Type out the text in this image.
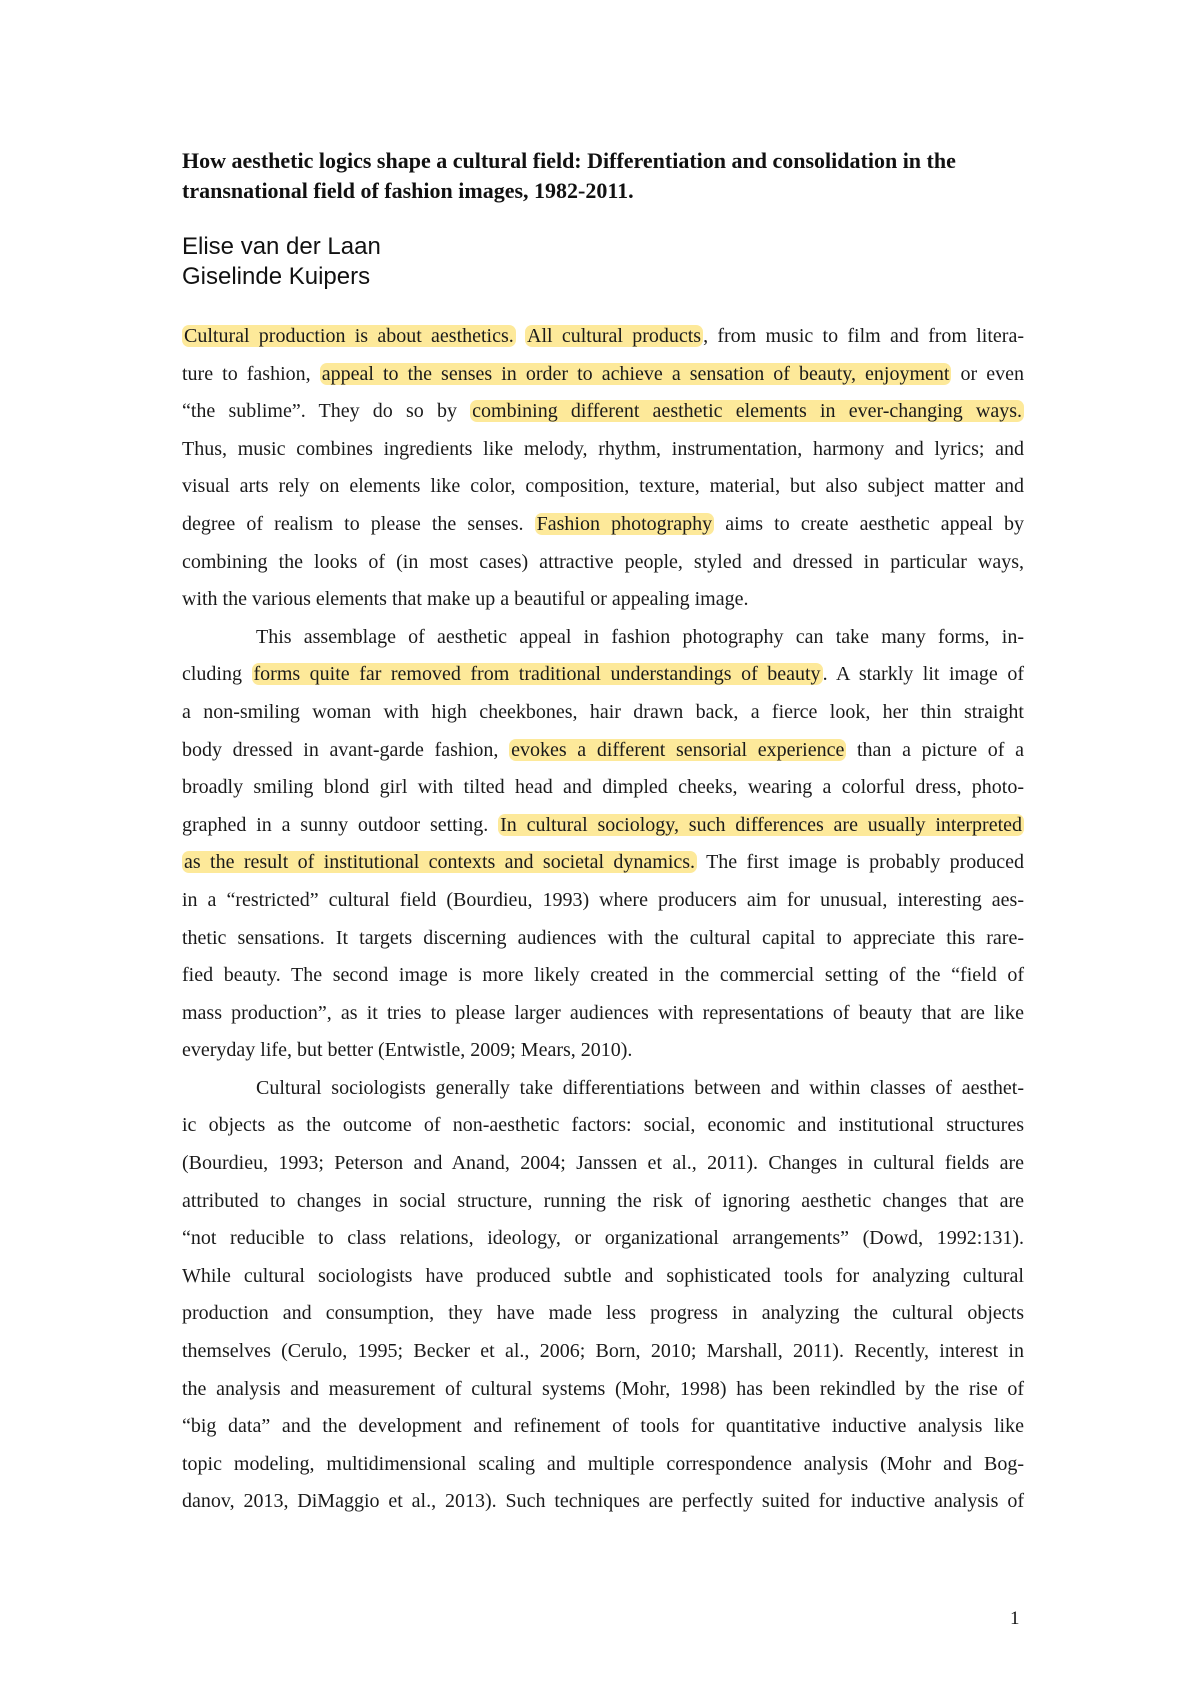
How aesthetic logics shape a cultural field: Differentiation and consolidation in the transnational field of fashion images, 1982-2011.
Elise van der Laan
Giselinde Kuipers
Cultural production is about aesthetics. All cultural products , from music to film and from litera-
ture to fashion, appeal to the senses in order to achieve a sensation of beauty, enjoyment or even
“the sublime”. They do so by combining different aesthetic elements in ever-changing ways.
Thus, music combines ingredients like melody, rhythm, instrumentation, harmony and lyrics; and
visual arts rely on elements like color, composition, texture, material, but also subject matter and
degree of realism to please the senses. Fashion photography aims to create aesthetic appeal by
combining the looks of (in most cases) attractive people, styled and dressed in particular ways,
with the various elements that make up a beautiful or appealing image.
This assemblage of aesthetic appeal in fashion photography can take many forms, in-
cluding forms quite far removed from traditional understandings of beauty . A starkly lit image of
a non-smiling woman with high cheekbones, hair drawn back, a fierce look, her thin straight
body dressed in avant-garde fashion, evokes a different sensorial experience than a picture of a
broadly smiling blond girl with tilted head and dimpled cheeks, wearing a colorful dress, photo-
graphed in a sunny outdoor setting. In cultural sociology, such differences are usually interpreted
as the result of institutional contexts and societal dynamics. The first image is probably produced
in a “restricted” cultural field (Bourdieu, 1993) where producers aim for unusual, interesting aes-
thetic sensations. It targets discerning audiences with the cultural capital to appreciate this rare-
fied beauty. The second image is more likely created in the commercial setting of the “field of
mass production”, as it tries to please larger audiences with representations of beauty that are like
everyday life, but better (Entwistle, 2009; Mears, 2010).
Cultural sociologists generally take differentiations between and within classes of aesthet-
ic objects as the outcome of non-aesthetic factors: social, economic and institutional structures
(Bourdieu, 1993; Peterson and Anand, 2004; Janssen et al., 2011). Changes in cultural fields are
attributed to changes in social structure, running the risk of ignoring aesthetic changes that are
“not reducible to class relations, ideology, or organizational arrangements” (Dowd, 1992:131).
While cultural sociologists have produced subtle and sophisticated tools for analyzing cultural
production and consumption, they have made less progress in analyzing the cultural objects
themselves (Cerulo, 1995; Becker et al., 2006; Born, 2010; Marshall, 2011). Recently, interest in
the analysis and measurement of cultural systems (Mohr, 1998) has been rekindled by the rise of
“big data” and the development and refinement of tools for quantitative inductive analysis like
topic modeling, multidimensional scaling and multiple correspondence analysis (Mohr and Bog-
danov, 2013, DiMaggio et al., 2013). Such techniques are perfectly suited for inductive analysis of
1
